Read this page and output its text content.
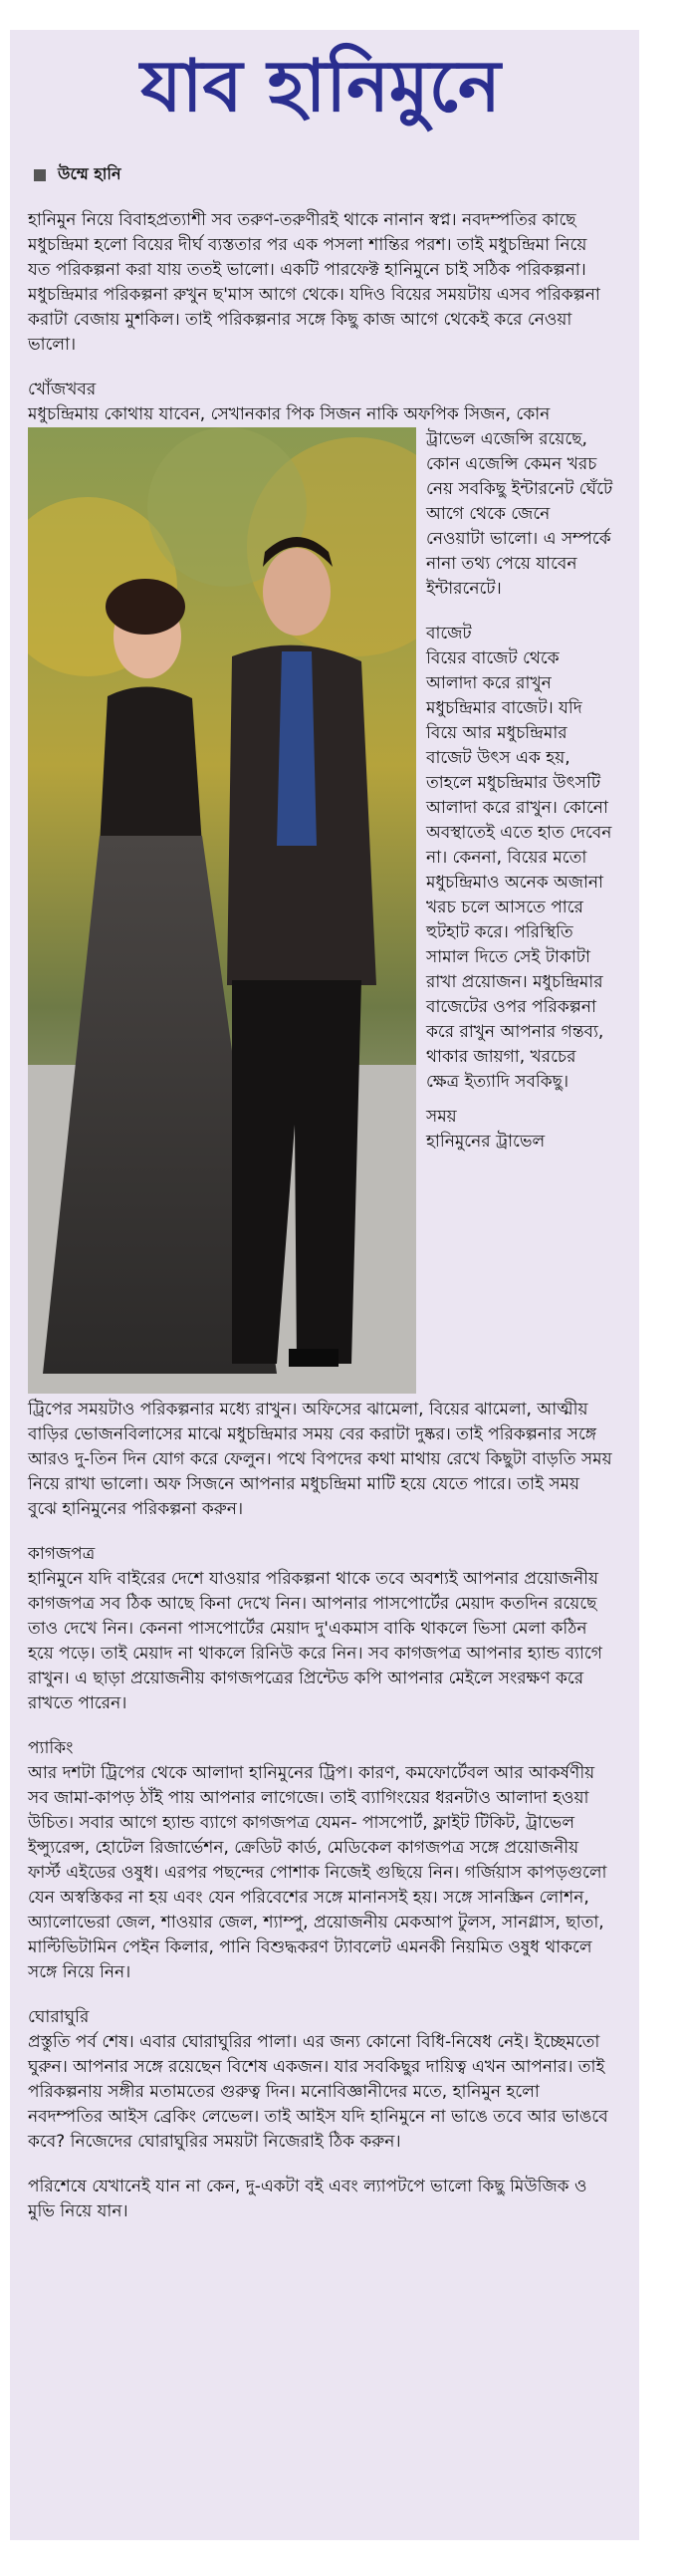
যাব হানিমুনে
উম্মে হানি

হানিমুন নিয়ে বিবাহপ্রত্যাশী সব তরুণ-তরুণীরই থাকে নানান স্বপ্ন। নবদম্পতির কাছে মধুচন্দ্রিমা হলো বিয়ের দীর্ঘ ব্যস্ততার পর এক পসলা শান্তির পরশ। তাই মধুচন্দ্রিমা নিয়ে যত পরিকল্পনা করা যায় ততই ভালো। একটি পারফেক্ট হানিমুনে চাই সঠিক পরিকল্পনা। মধুচন্দ্রিমার পরিকল্পনা রুখুন ছ'মাস আগে থেকে। যদিও বিয়ের সময়টায় এসব পরিকল্পনা করাটা বেজায় মুশকিল। তাই পরিকল্পনার সঙ্গে কিছু কাজ আগে থেকেই করে নেওয়া ভালো।

খোঁজখবর

মধুচন্দ্রিমায় কোথায় যাবেন, সেখানকার পিক সিজন নাকি অফপিক সিজন, কোন

ট্রাভেল এজেন্সি রয়েছে, কোন এজেন্সি কেমন খরচ নেয় সবকিছু ইন্টারনেট ঘেঁটে আগে থেকে জেনে নেওয়াটা ভালো। এ সম্পর্কে নানা তথ্য পেয়ে যাবেন ইন্টারনেটে।
বাজেট
বিয়ের বাজেট থেকে আলাদা করে রাখুন মধুচন্দ্রিমার বাজেট। যদি বিয়ে আর মধুচন্দ্রিমার বাজেট উৎস এক হয়, তাহলে মধুচন্দ্রিমার উৎসটি আলাদা করে রাখুন। কোনো অবস্থাতেই এতে হাত দেবেন না। কেননা, বিয়ের মতো মধুচন্দ্রিমাও অনেক অজানা খরচ চলে আসতে পারে হুটহাট করে। পরিস্থিতি সামাল দিতে সেই টাকাটা রাখা প্রয়োজন। মধুচন্দ্রিমার বাজেটের ওপর পরিকল্পনা করে রাখুন আপনার গন্তব্য, থাকার জায়গা, খরচের ক্ষেত্র ইত্যাদি সবকিছু।
সময়
হানিমুনের ট্রাভেল

ট্রিপের সময়টাও পরিকল্পনার মধ্যে রাখুন। অফিসের ঝামেলা, বিয়ের ঝামেলা, আত্মীয় বাড়ির ভোজনবিলাসের মাঝে মধুচন্দ্রিমার সময় বের করাটা দুষ্কর। তাই পরিকল্পনার সঙ্গে আরও দু-তিন দিন যোগ করে ফেলুন। পথে বিপদের কথা মাথায় রেখে কিছুটা বাড়তি সময় নিয়ে রাখা ভালো। অফ সিজনে আপনার মধুচন্দ্রিমা মাটি হয়ে যেতে পারে। তাই সময় বুঝে হানিমুনের পরিকল্পনা করুন।

কাগজপত্র

হানিমুনে যদি বাইরের দেশে যাওয়ার পরিকল্পনা থাকে তবে অবশ্যই আপনার প্রয়োজনীয় কাগজপত্র সব ঠিক আছে কিনা দেখে নিন। আপনার পাসপোর্টের মেয়াদ কতদিন রয়েছে তাও দেখে নিন। কেননা পাসপোর্টের মেয়াদ দু'একমাস বাকি থাকলে ভিসা মেলা কঠিন হয়ে পড়ে। তাই মেয়াদ না থাকলে রিনিউ করে নিন। সব কাগজপত্র আপনার হ্যান্ড ব্যাগে রাখুন। এ ছাড়া প্রয়োজনীয় কাগজপত্রের প্রিন্টেড কপি আপনার মেইলে সংরক্ষণ করে রাখতে পারেন।

প্যাকিং

আর দশটা ট্রিপের থেকে আলাদা হানিমুনের ট্রিপ। কারণ, কমফোর্টেবল আর আকর্ষণীয় সব জামা-কাপড় ঠাঁই পায় আপনার লাগেজে। তাই ব্যাগিংয়ের ধরনটাও আলাদা হওয়া উচিত। সবার আগে হ্যান্ড ব্যাগে কাগজপত্র যেমন- পাসপোর্ট, ফ্লাইট টিকিট, ট্রাভেল ইন্স্যুরেন্স, হোটেল রিজার্ভেশন, ক্রেডিট কার্ড, মেডিকেল কাগজপত্র সঙ্গে প্রয়োজনীয় ফার্স্ট এইডের ওষুধ। এরপর পছন্দের পোশাক নিজেই গুছিয়ে নিন। গর্জিয়াস কাপড়গুলো যেন অস্বস্তিকর না হয় এবং যেন পরিবেশের সঙ্গে মানানসই হয়। সঙ্গে সানস্ক্রিন লোশন, অ্যালোভেরা জেল, শাওয়ার জেল, শ্যাম্পু, প্রয়োজনীয় মেকআপ টুলস, সানগ্লাস, ছাতা, মাল্টিভিটামিন পেইন কিলার, পানি বিশুদ্ধকরণ ট্যাবলেট এমনকী নিয়মিত ওষুধ থাকলে সঙ্গে নিয়ে নিন।

ঘোরাঘুরি

প্রস্তুতি পর্ব শেষ। এবার ঘোরাঘুরির পালা। এর জন্য কোনো বিধি-নিষেধ নেই। ইচ্ছেমতো ঘুরুন। আপনার সঙ্গে রয়েছেন বিশেষ একজন। যার সবকিছুর দায়িত্ব এখন আপনার। তাই পরিকল্পনায় সঙ্গীর মতামতের গুরুত্ব দিন। মনোবিজ্ঞানীদের মতে, হানিমুন হলো নবদম্পতির আইস ব্রেকিং লেভেল। তাই আইস যদি হানিমুনে না ভাঙে তবে আর ভাঙবে কবে? নিজেদের ঘোরাঘুরির সময়টা নিজেরাই ঠিক করুন।

পরিশেষে যেখানেই যান না কেন, দু-একটা বই এবং ল্যাপটপে ভালো কিছু মিউজিক ও মুভি নিয়ে যান।
